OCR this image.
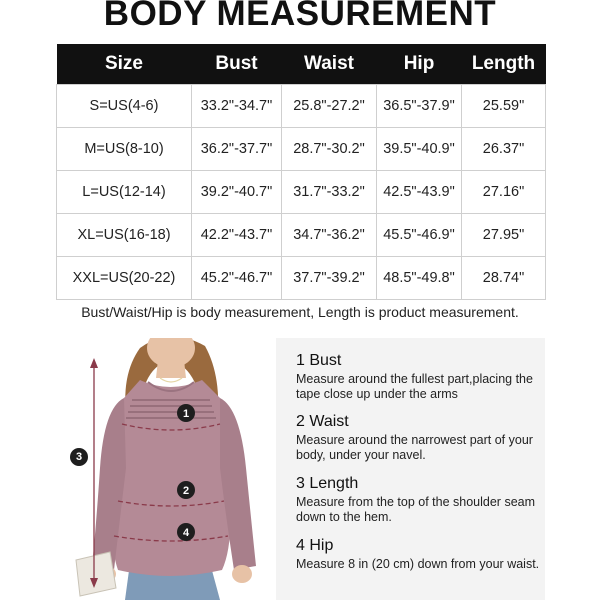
BODY MEASUREMENT
Size	Bust	Waist	Hip	Length
S=US(4-6)	33.2"-34.7"	25.8"-27.2"	36.5"-37.9"	25.59"
M=US(8-10)	36.2"-37.7"	28.7"-30.2"	39.5"-40.9"	26.37"
L=US(12-14)	39.2"-40.7"	31.7"-33.2"	42.5"-43.9"	27.16"
XL=US(16-18)	42.2"-43.7"	34.7"-36.2"	45.5"-46.9"	27.95"
XXL=US(20-22)	45.2"-46.7"	37.7"-39.2"	48.5"-49.8"	28.74"
Bust/Waist/Hip is body measurement, Length is product measurement.
1
2
4
3
1 Bust
Measure around the fullest part,placing the tape close up under the arms
2 Waist
Measure around the narrowest part of your body, under your navel.
3 Length
Measure from the top of the shoulder seam down to the hem.
4 Hip
Measure 8 in (20 cm) down from your waist.
